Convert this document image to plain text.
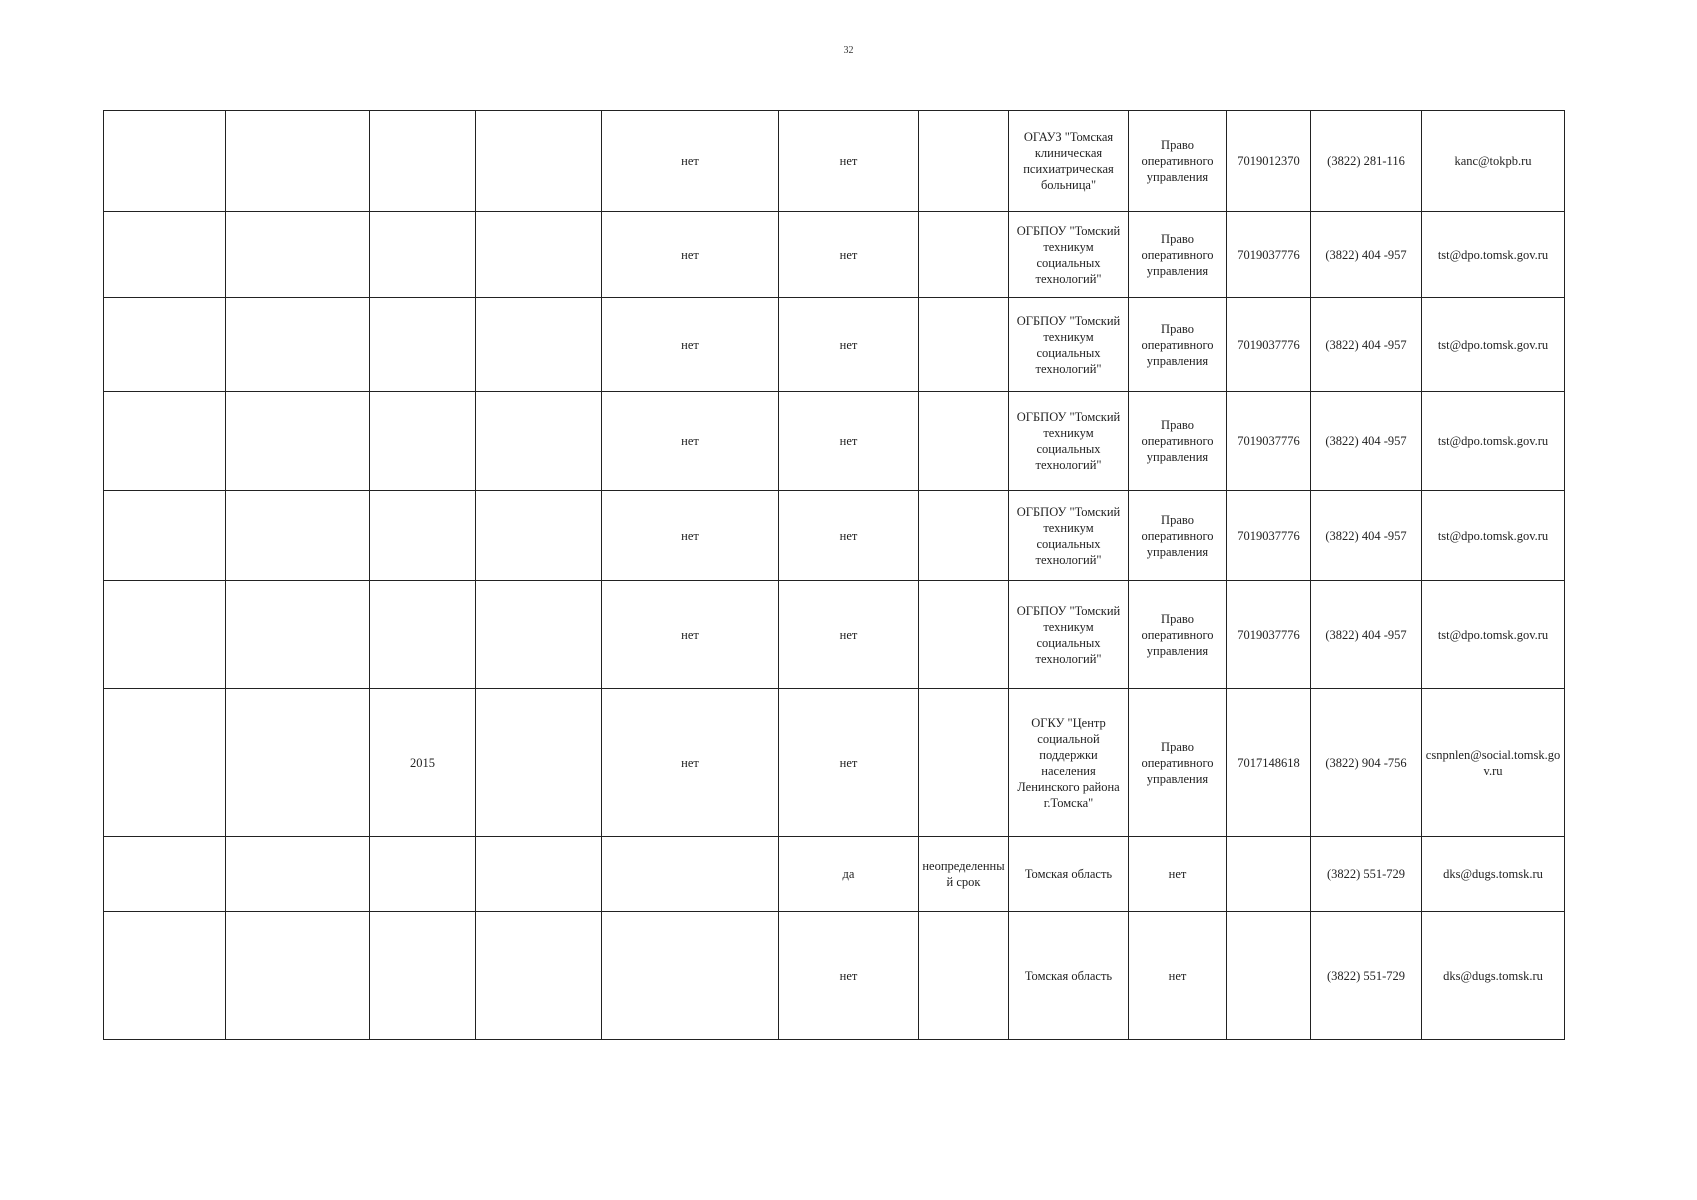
32
				нет	нет		ОГАУЗ "Томская клиническая психиатрическая больница"	Право оперативного управления	7019012370	(3822) 281-116	kanc@tokpb.ru
				нет	нет		ОГБПОУ "Томский техникум социальных технологий"	Право оперативного управления	7019037776	(3822) 404 -957	tst@dpo.tomsk.gov.ru
				нет	нет		ОГБПОУ "Томский техникум социальных технологий"	Право оперативного управления	7019037776	(3822) 404 -957	tst@dpo.tomsk.gov.ru
				нет	нет		ОГБПОУ "Томский техникум социальных технологий"	Право оперативного управления	7019037776	(3822) 404 -957	tst@dpo.tomsk.gov.ru
				нет	нет		ОГБПОУ "Томский техникум социальных технологий"	Право оперативного управления	7019037776	(3822) 404 -957	tst@dpo.tomsk.gov.ru
				нет	нет		ОГБПОУ "Томский техникум социальных технологий"	Право оперативного управления	7019037776	(3822) 404 -957	tst@dpo.tomsk.gov.ru
		2015		нет	нет		ОГКУ "Центр социальной поддержки населения Ленинского района г.Томска"	Право оперативного управления	7017148618	(3822) 904 -756	csnpnlen@social.tomsk.gov.ru
					да	неопределенный срок	Томская область	нет		(3822) 551-729	dks@dugs.tomsk.ru
					нет		Томская область	нет		(3822) 551-729	dks@dugs.tomsk.ru
